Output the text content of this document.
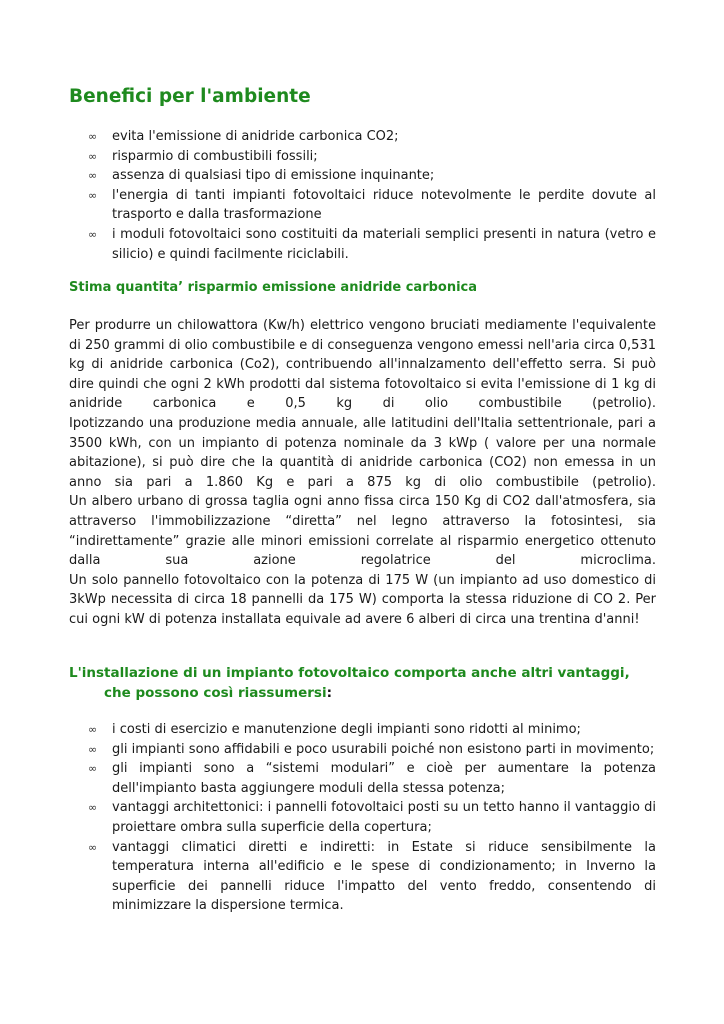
Benefici per l'ambiente
∞ evita l'emissione di anidride carbonica CO2;
∞ risparmio di combustibili fossili;
∞ assenza di qualsiasi tipo di emissione inquinante;
∞ l'energia di tanti impianti fotovoltaici riduce notevolmente le perdite dovute al trasporto e dalla trasformazione
∞ i moduli fotovoltaici sono costituiti da materiali semplici presenti in natura (vetro e silicio) e quindi facilmente riciclabili.
Stima quantita’ risparmio emissione anidride carbonica

Per produrre un chilowattora (Kw/h) elettrico vengono bruciati mediamente l'equivalente di 250 grammi di olio combustibile e di conseguenza vengono emessi nell'aria circa 0,531 kg di anidride carbonica (Co2), contribuendo all'innalzamento dell'effetto serra. Si può dire quindi che ogni 2 kWh prodotti dal sistema fotovoltaico si evita l'emissione di 1 kg di anidride carbonica e 0,5 kg di olio combustibile (petrolio).

Ipotizzando una produzione media annuale, alle latitudini dell'Italia settentrionale, pari a 3500 kWh, con un impianto di potenza nominale da 3 kWp ( valore per una normale abitazione), si può dire che la quantità di anidride carbonica (CO2) non emessa in un anno sia pari a 1.860 Kg e pari a 875 kg di olio combustibile (petrolio).

Un albero urbano di grossa taglia ogni anno fissa circa 150 Kg di CO2 dall'atmosfera, sia attraverso l'immobilizzazione “diretta” nel legno attraverso la fotosintesi, sia “indirettamente” grazie alle minori emissioni correlate al risparmio energetico ottenuto dalla sua azione regolatrice del microclima.

Un solo pannello fotovoltaico con la potenza di 175 W (un impianto ad uso domestico di 3kWp necessita di circa 18 pannelli da 175 W) comporta la stessa riduzione di CO 2. Per cui ogni kW di potenza installata equivale ad avere 6 alberi di circa una trentina d'anni!

L'installazione di un impianto fotovoltaico comporta anche altri vantaggi,
che possono così riassumersi:
∞ i costi di esercizio e manutenzione degli impianti sono ridotti al minimo;
∞ gli impianti sono affidabili e poco usurabili poiché non esistono parti in movimento;
∞ gli impianti sono a “sistemi modulari” e cioè per aumentare la potenza dell'impianto basta aggiungere moduli della stessa potenza;
∞ vantaggi architettonici: i pannelli fotovoltaici posti su un tetto hanno il vantaggio di proiettare ombra sulla superficie della copertura;
∞ vantaggi climatici diretti e indiretti: in Estate si riduce sensibilmente la temperatura interna all'edificio e le spese di condizionamento; in Inverno la superficie dei pannelli riduce l'impatto del vento freddo, consentendo di minimizzare la dispersione termica.
